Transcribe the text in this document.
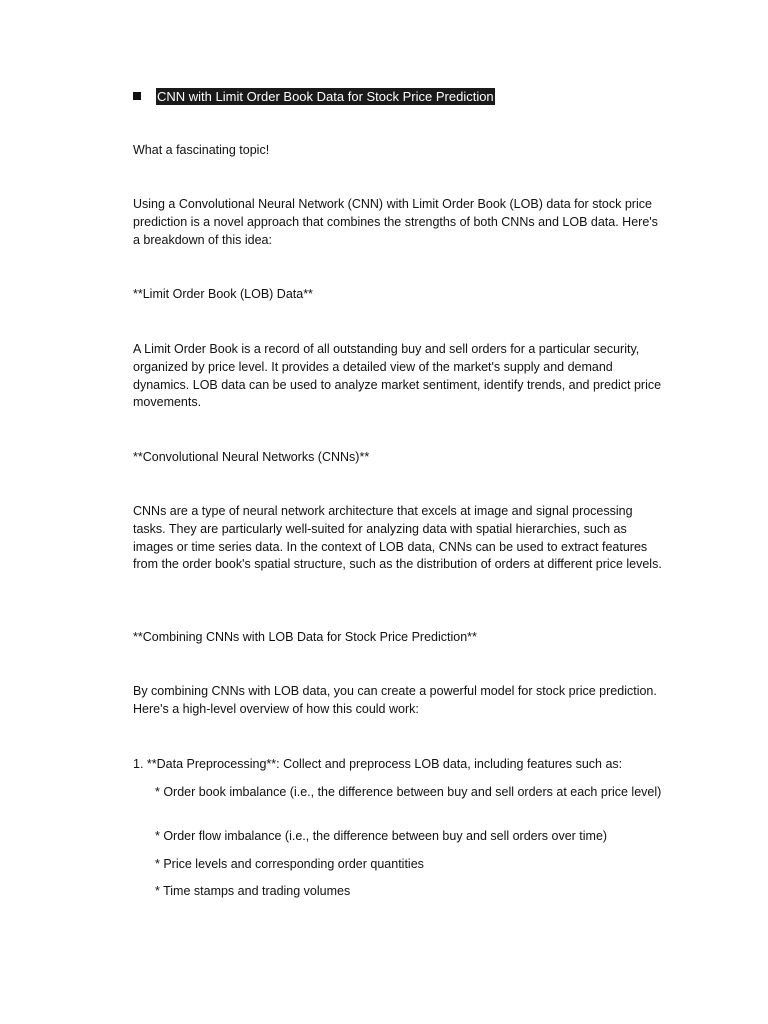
CNN with Limit Order Book Data for Stock Price Prediction

What a fascinating topic!

Using a Convolutional Neural Network (CNN) with Limit Order Book (LOB) data for stock price prediction is a novel approach that combines the strengths of both CNNs and LOB data. Here's a breakdown of this idea:

**Limit Order Book (LOB) Data**

A Limit Order Book is a record of all outstanding buy and sell orders for a particular security, organized by price level. It provides a detailed view of the market's supply and demand dynamics. LOB data can be used to analyze market sentiment, identify trends, and predict price movements.

**Convolutional Neural Networks (CNNs)**

CNNs are a type of neural network architecture that excels at image and signal processing tasks. They are particularly well-suited for analyzing data with spatial hierarchies, such as images or time series data. In the context of LOB data, CNNs can be used to extract features from the order book's spatial structure, such as the distribution of orders at different price levels.

**Combining CNNs with LOB Data for Stock Price Prediction**

By combining CNNs with LOB data, you can create a powerful model for stock price prediction. Here's a high-level overview of how this could work:

1. **Data Preprocessing**: Collect and preprocess LOB data, including features such as:

* Order book imbalance (i.e., the difference between buy and sell orders at each price level)

* Order flow imbalance (i.e., the difference between buy and sell orders over time)

* Price levels and corresponding order quantities

* Time stamps and trading volumes
